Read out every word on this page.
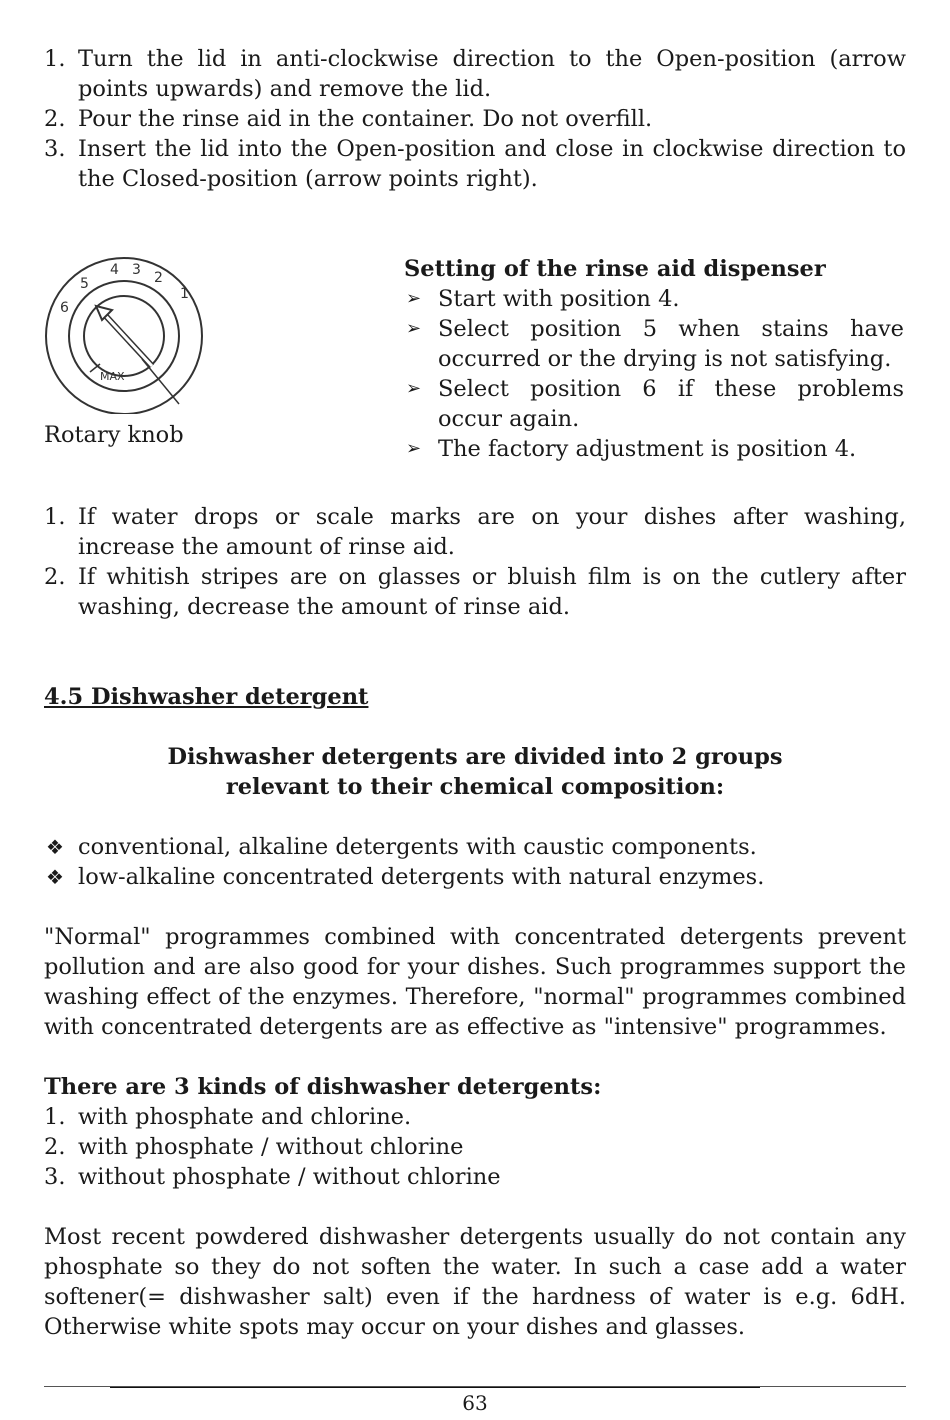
1. Turn the lid in anti-clockwise direction to the Open-position (arrow points upwards) and remove the lid.
2. Pour the rinse aid in the container. Do not overfill.
3. Insert the lid into the Open-position and close in clockwise direction to the Closed-position (arrow points right).
1
2
3
4
5
6
MAX
Rotary knob
Setting of the rinse aid dispenser
➢ Start with position 4.
➢ Select position 5 when stains have occurred or the drying is not satisfying.
➢ Select position 6 if these problems occur again.
➢ The factory adjustment is position 4.
1. If water drops or scale marks are on your dishes after washing, increase the amount of rinse aid.
2. If whitish stripes are on glasses or bluish film is on the cutlery after washing, decrease the amount of rinse aid.
4.5 Dishwasher detergent
Dishwasher detergents are divided into 2 groups
relevant to their chemical composition:
❖ conventional, alkaline detergents with caustic components.
❖ low-alkaline concentrated detergents with natural enzymes.

"Normal" programmes combined with concentrated detergents prevent pollution and are also good for your dishes. Such programmes support the washing effect of the enzymes. Therefore, "normal" programmes combined with concentrated detergents are as effective as "intensive" programmes.

There are 3 kinds of dishwasher detergents:
1. with phosphate and chlorine.
2. with phosphate / without chlorine
3. without phosphate / without chlorine

Most recent powdered dishwasher detergents usually do not contain any phosphate so they do not soften the water. In such a case add a water softener(= dishwasher salt) even if the hardness of water is e.g. 6dH. Otherwise white spots may occur on your dishes and glasses.

63
